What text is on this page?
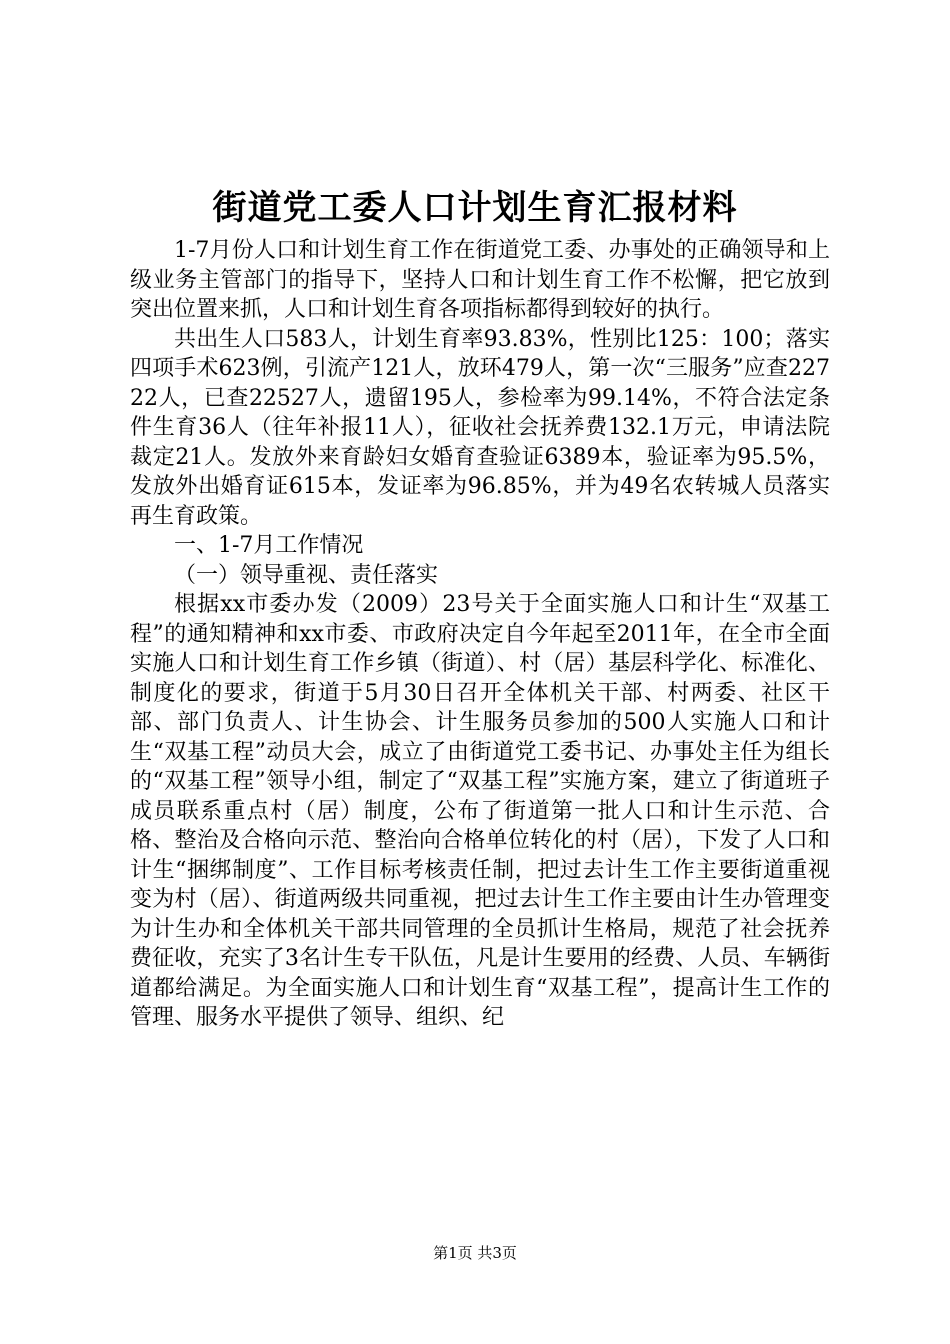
街道党工委人口计划生育汇报材料

1-7月份人口和计划生育工作在街道党工委、办事处的正确领导和上级业务主管部门的指导下，坚持人口和计划生育工作不松懈，把它放到突出位置来抓，人口和计划生育各项指标都得到较好的执行。

共出生人口583人，计划生育率93.83%，性别比125：100；落实四项手术623例，引流产121人，放环479人，第一次“三服务”应查22722人，已查22527人，遗留195人，参检率为99.14%，不符合法定条件生育36人（往年补报11人），征收社会抚养费132.1万元，申请法院裁定21人。发放外来育龄妇女婚育查验证6389本，验证率为95.5%，发放外出婚育证615本，发证率为96.85%，并为49名农转城人员落实再生育政策。

一、1-7月工作情况

（一）领导重视、责任落实

根据xx市委办发（2009）23号关于全面实施人口和计生“双基工程”的通知精神和xx市委、市政府决定自今年起至2011年，在全市全面实施人口和计划生育工作乡镇（街道）、村（居）基层科学化、标准化、制度化的要求，街道于5月30日召开全体机关干部、村两委、社区干部、部门负责人、计生协会、计生服务员参加的500人实施人口和计生“双基工程”动员大会，成立了由街道党工委书记、办事处主任为组长的“双基工程”领导小组，制定了“双基工程”实施方案，建立了街道班子成员联系重点村（居）制度，公布了街道第一批人口和计生示范、合格、整治及合格向示范、整治向合格单位转化的村（居），下发了人口和计生“捆绑制度”、工作目标考核责任制，把过去计生工作主要街道重视变为村（居）、街道两级共同重视，把过去计生工作主要由计生办管理变为计生办和全体机关干部共同管理的全员抓计生格局，规范了社会抚养费征收，充实了3名计生专干队伍，凡是计生要用的经费、人员、车辆街道都给满足。为全面实施人口和计划生育“双基工程”，提高计生工作的管理、服务水平提供了领导、组织、纪

第1页 共3页
